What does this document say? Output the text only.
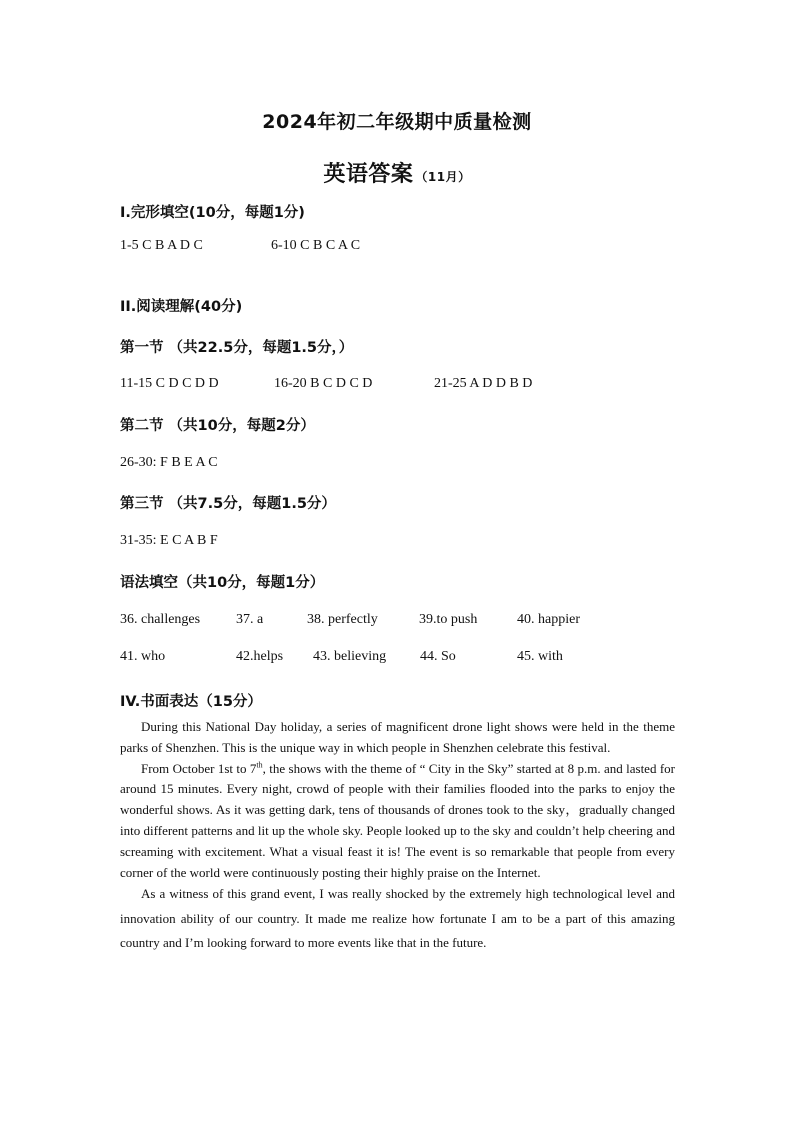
2024年初二年级期中质量检测
英语答案 （11月）
I.完形填空(10分，每题1分)
1-5 C B A D C	6-10 C B C A C
II.阅读理解(40分)
第一节 （共22.5分，每题1.5分，）
11-15 C D C D D	16-20 B C D C D	21-25 A D D B D
第二节 （共10分，每题2分）
26-30: F B E A C
第三节 （共7.5分，每题1.5分）
31-35: E C A B F
语法填空（共10分，每题1分）
36. challenges	37. a	38. perfectly	39.to push	40. happier
41. who	42.helps 43. believing 44. So	45. with
IV.书面表达（15分）

During this National Day holiday, a series of magnificent drone light shows were held in the theme parks of Shenzhen. This is the unique way in which people in Shenzhen celebrate this festival.

From October 1st to 7th, the shows with the theme of “ City in the Sky” started at 8 p.m. and lasted for around 15 minutes. Every night, crowd of people with their families flooded into the parks to enjoy the wonderful shows. As it was getting dark, tens of thousands of drones took to the sky，gradually changed into different patterns and lit up the whole sky. People looked up to the sky and couldn’t help cheering and screaming with excitement. What a visual feast it is! The event is so remarkable that people from every corner of the world were continuously posting their highly praise on the Internet.

As a witness of this grand event, I was really shocked by the extremely high technological level and innovation ability of our country. It made me realize how fortunate I am to be a part of this amazing country and I’m looking forward to more events like that in the future.
